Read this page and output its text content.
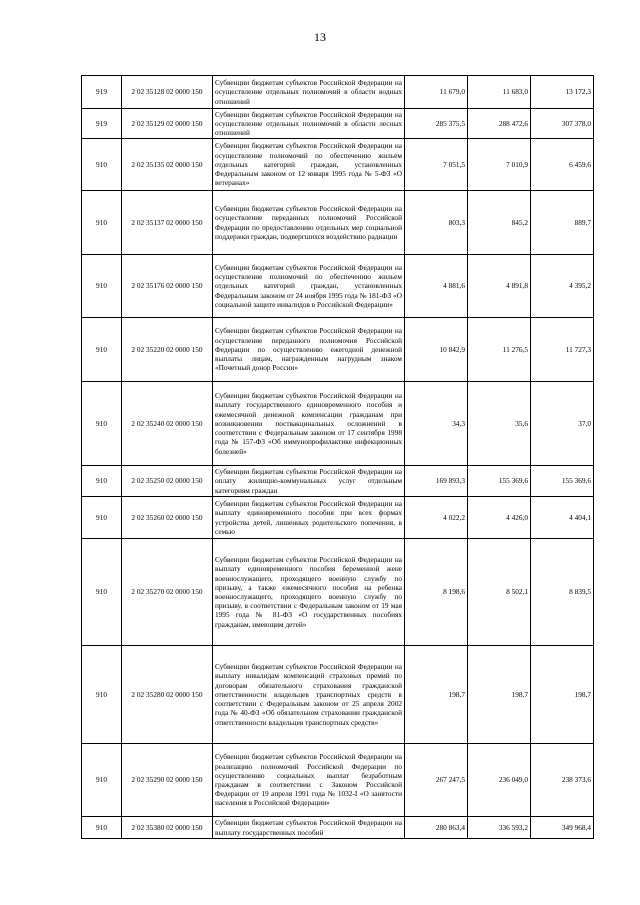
13
919	2 02 35128 02 0000 150	Субвенции бюджетам субъектов Российской Федерации на осуществление отдельных полномочий в области водных отношений	11 679,0	11 683,0	13 172,3
919	2 02 35129 02 0000 150	Субвенции бюджетам субъектов Российской Федерации на осуществление отдельных полномочий в области лесных отношений	285 375,5	288 472,6	307 378,0
910	2 02 35135 02 0000 150	Субвенции бюджетам субъектов Российской Федерации на осуществление полномочий по обеспечению жильем отдельных категорий граждан, установленных Федеральным законом от 12 января 1995 года № 5-ФЗ «О ветеранах»	7 051,5	7 010,9	6 459,6
910	2 02 35137 02 0000 150	Субвенции бюджетам субъектов Российской Федерации на осуществление переданных полномочий Российской Федерации по предоставлению отдельных мер социальной поддержки граждан, подвергшихся воздействию радиации	803,3	845,2	889,7
910	2 02 35176 02 0000 150	Субвенции бюджетам субъектов Российской Федерации на осуществление полномочий по обеспечению жильем отдельных категорий граждан, установленных Федеральным законом от 24 ноября 1995 года № 181-ФЗ «О социальной защите инвалидов в Российской Федерации»	4 881,6	4 891,8	4 395,2
910	2 02 35220 02 0000 150	Субвенции бюджетам субъектов Российской Федерации на осуществление переданного полномочия Российской Федерации по осуществлению ежегодной денежной выплаты лицам, награжденным нагрудным знаком «Почетный донор России»	10 842,9	11 276,5	11 727,3
910	2 02 35240 02 0000 150	Субвенции бюджетам субъектов Российской Федерации на выплату государственного единовременного пособия и ежемесячной денежной компенсации гражданам при возникновении поствакцинальных осложнений в соответствии с Федеральным законом от 17 сентября 1998 года № 157-ФЗ «Об иммунопрофилактике инфекционных болезней»	34,3	35,6	37,0
910	2 02 35250 02 0000 150	Субвенции бюджетам субъектов Российской Федерации на оплату жилищно-коммунальных услуг отдельным категориям граждан	169 893,3	155 369,6	155 369,6
910	2 02 35260 02 0000 150	Субвенции бюджетам субъектов Российской Федерации на выплату единовременного пособия при всех формах устройства детей, лишенных родительского попечения, в семью	4 022,2	4 426,0	4 404,1
910	2 02 35270 02 0000 150	Субвенции бюджетам субъектов Российской Федерации на выплату единовременного пособия беременной жене военнослужащего, проходящего военную службу по призыву, а также ежемесячного пособия на ребенка военнослужащего, проходящего военную службу по призыву, в соответствии с Федеральным законом от 19 мая 1995 года № 81-ФЗ «О государственных пособиях гражданам, имеющим детей»	8 198,6	8 502,1	8 839,5
910	2 02 35280 02 0000 150	Субвенции бюджетам субъектов Российской Федерации на выплату инвалидам компенсаций страховых премий по договорам обязательного страхования гражданской ответственности владельцев транспортных средств в соответствии с Федеральным законом от 25 апреля 2002 года № 40-ФЗ «Об обязательном страховании гражданской ответственности владельцев транспортных средств»	198,7	198,7	198,7
910	2 02 35290 02 0000 150	Субвенции бюджетам субъектов Российской Федерации на реализацию полномочий Российской Федерации по осуществлению социальных выплат безработным гражданам в соответствии с Законом Российской Федерации от 19 апреля 1991 года № 1032-I «О занятости населения в Российской Федерации»	267 247,5	236 049,0	238 373,6
910	2 02 35380 02 0000 150	Субвенции бюджетам субъектов Российской Федерации на выплату государственных пособий	280 863,4	336 593,2	349 968,4
